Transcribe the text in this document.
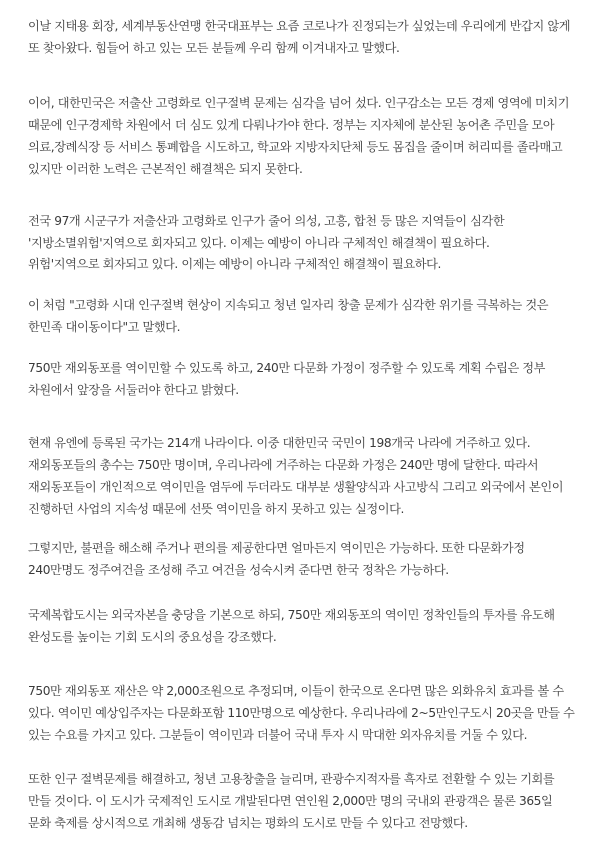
이날 지태용 회장, 세계부동산연맹 한국대표부는 요즘 코로나가 진정되는가 싶었는데 우리에게 반갑지 않게 또 찾아왔다. 힘들어 하고 있는 모든 분들께 우리 함께 이겨내자고 말했다.

이어, 대한민국은 저출산 고령화로 인구절벽 문제는 심각을 넘어 섰다. 인구감소는 모든 경제 영역에 미치기 때문에 인구경제학 차원에서 더 심도 있게 다뤄나가야 한다. 정부는 지자체에 분산된 농어촌 주민을 모아 의료,장례식장 등 서비스 통폐합을 시도하고, 학교와 지방자치단체 등도 몸집을 줄이며 허리띠를 졸라매고 있지만 이러한 노력은 근본적인 해결책은 되지 못한다.

전국 97개 시군구가 저출산과 고령화로 인구가 줄어 의성, 고흥, 합천 등 많은 지역들이 심각한 '지방소멸위험'지역으로 회자되고 있다. 이제는 예방이 아니라 구체적인 해결책이 필요하다.

위험'지역으로 회자되고 있다. 이제는 예방이 아니라 구체적인 해결책이 필요하다.

이 처럼 "고령화 시대 인구절벽 현상이 지속되고 청년 일자리 창출 문제가 심각한 위기를 극복하는 것은 한민족 대이동이다"고 말했다.

750만 재외동포를 역이민할 수 있도록 하고, 240만 다문화 가정이 정주할 수 있도록 계획 수립은 정부 차원에서 앞장을 서둘러야 한다고 밝혔다.

현재 유엔에 등록된 국가는 214개 나라이다. 이중 대한민국 국민이 198개국 나라에 거주하고 있다. 재외동포들의 총수는 750만 명이며, 우리나라에 거주하는 다문화 가정은 240만 명에 달한다. 따라서 재외동포들이 개인적으로 역이민을 염두에 두더라도 대부분 생활양식과 사고방식 그리고 외국에서 본인이 진행하던 사업의 지속성 때문에 선뜻 역이민을 하지 못하고 있는 실정이다.

그렇지만, 불편을 해소해 주거나 편의를 제공한다면 얼마든지 역이민은 가능하다. 또한 다문화가정 240만명도 정주여건을 조성해 주고 여건을 성숙시켜 준다면 한국 정착은 가능하다.

국제복합도시는 외국자본을 충당을 기본으로 하되, 750만 재외동포의 역이민 정착인들의 투자를 유도해 완성도를 높이는 기회 도시의 중요성을 강조했다.

750만 재외동포 재산은 약 2,000조원으로 추정되며, 이들이 한국으로 온다면 많은 외화유치 효과를 볼 수 있다. 역이민 예상입주자는 다문화포함 110만명으로 예상한다. 우리나라에 2~5만인구도시 20곳을 만들 수 있는 수요를 가지고 있다. 그분들이 역이민과 더불어 국내 투자 시 막대한 외자유치를 거둘 수 있다.

또한 인구 절벽문제를 해결하고, 청년 고용창출을 늘리며, 관광수지적자를 흑자로 전환할 수 있는 기회를 만들 것이다. 이 도시가 국제적인 도시로 개발된다면 연인원 2,000만 명의 국내외 관광객은 물론 365일 문화 축제를 상시적으로 개최해 생동감 넘치는 평화의 도시로 만들 수 있다고 전망했다.
